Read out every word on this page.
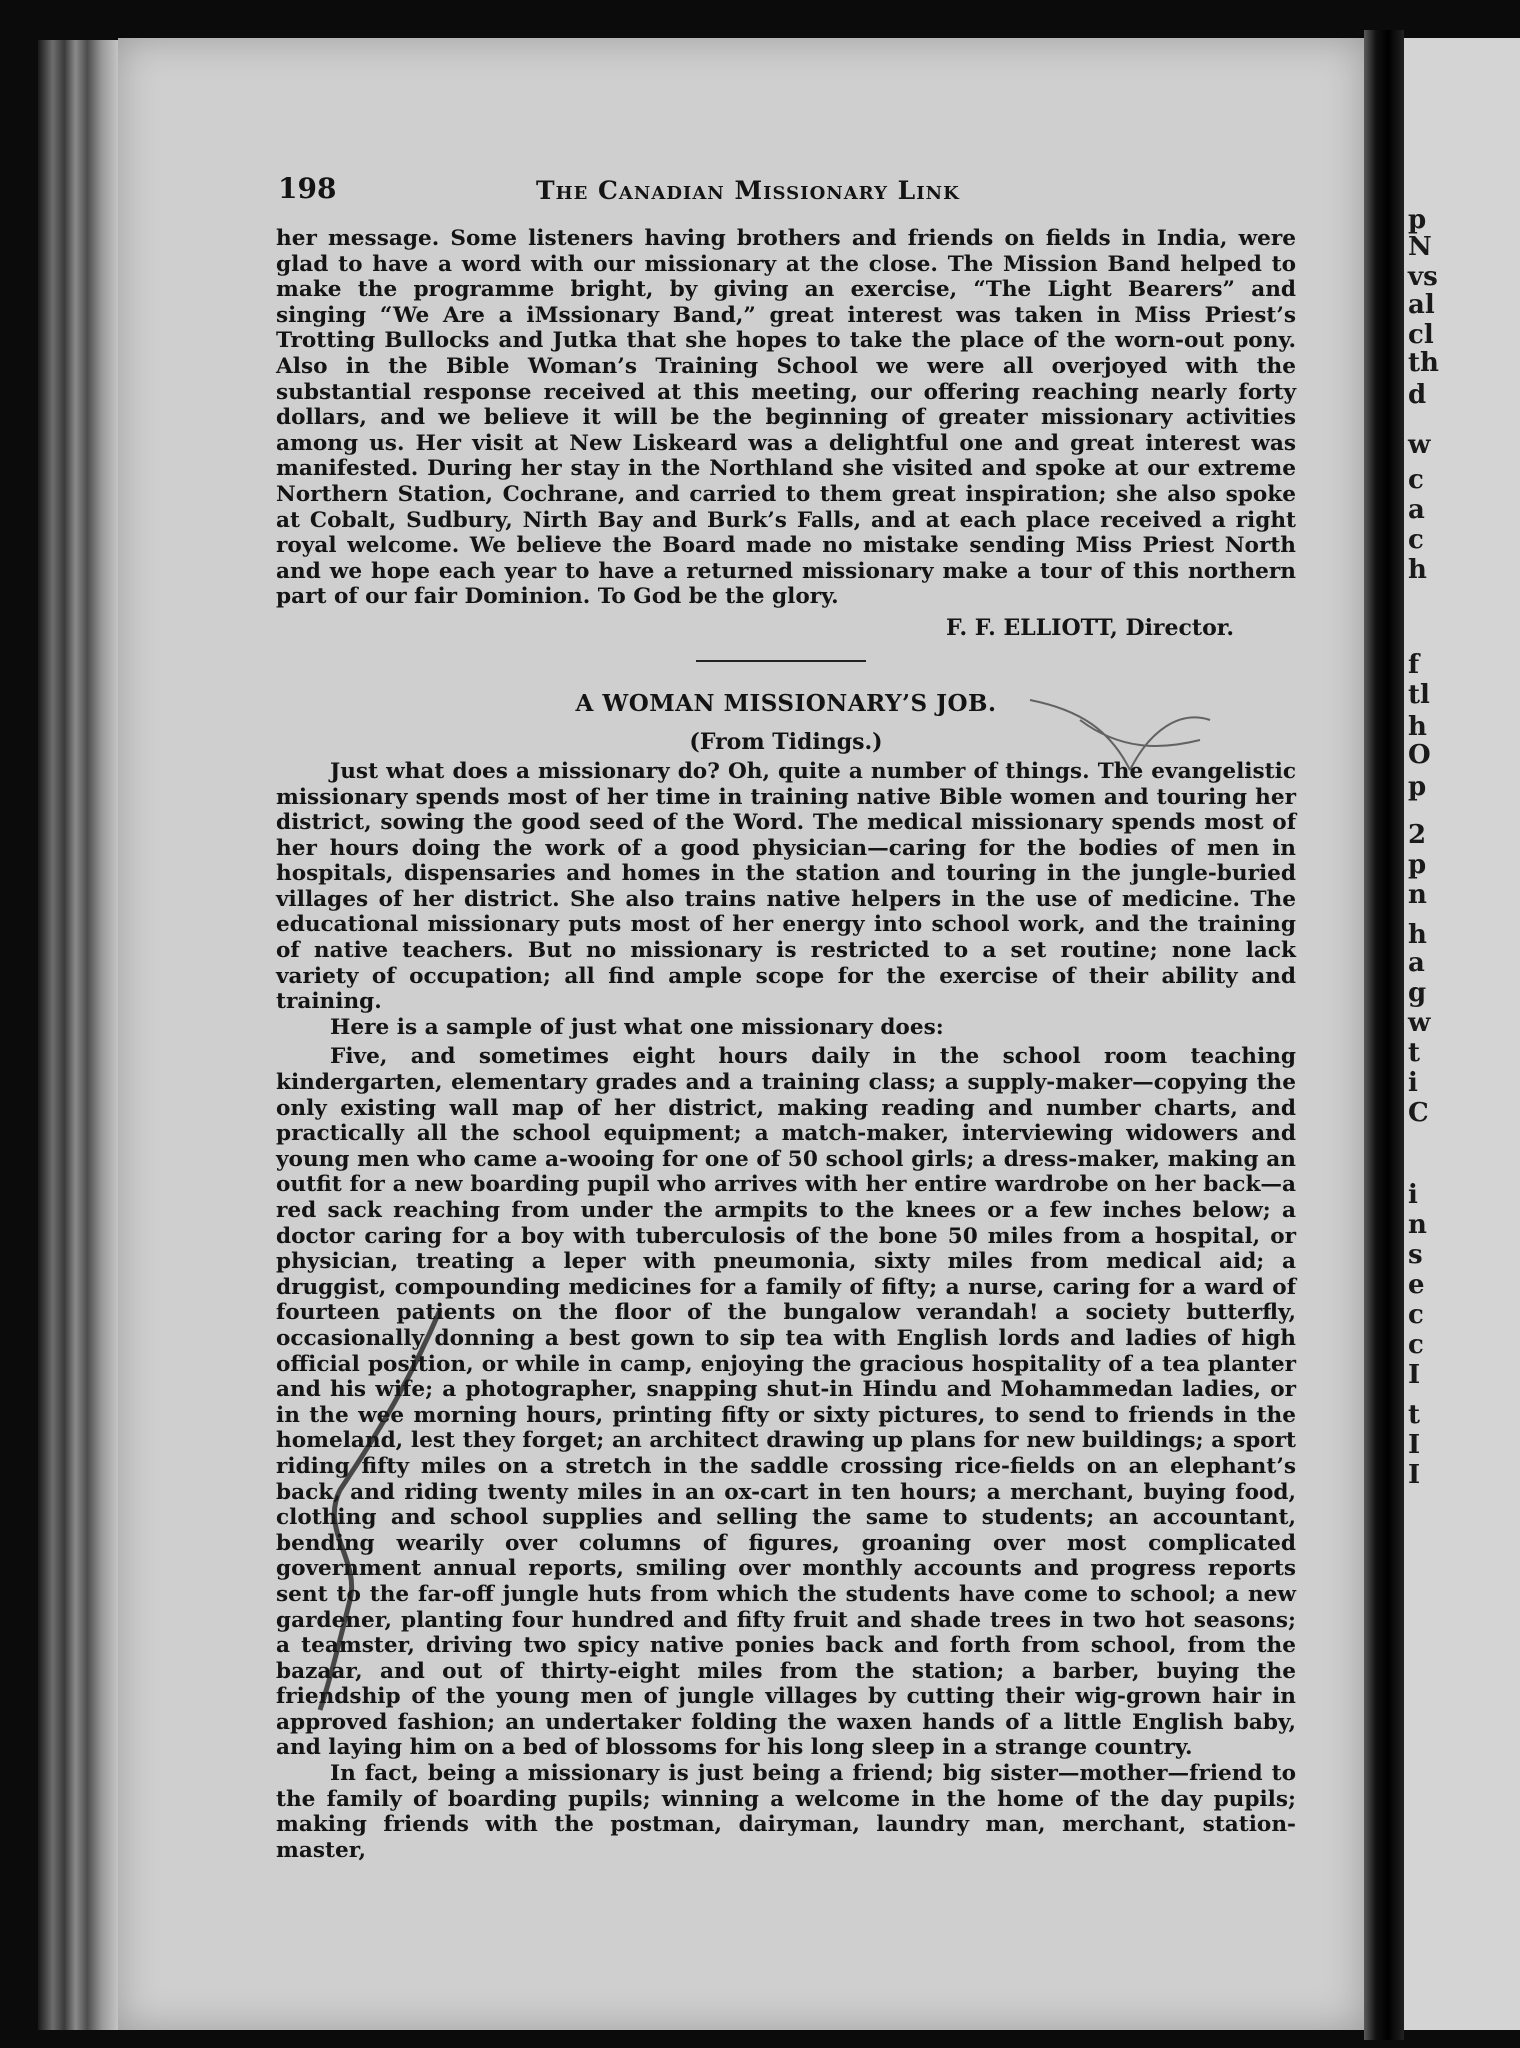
p
N
vs
al
cl
th
d
w
c
a
c
h
f
tl
h
O
p
2
p
n
h
a
g
w
t
i
C
i
n
s
e
c
c
I
t
I
I
198	The Canadian Missionary Link

her message. Some listeners having brothers and friends on fields in India, were glad to have a word with our missionary at the close. The Mission Band helped to make the programme bright, by giving an exercise, “The Light Bearers” and singing “We Are a iMssionary Band,” great interest was taken in Miss Priest’s Trotting Bullocks and Jutka that she hopes to take the place of the worn-out pony. Also in the Bible Woman’s Training School we were all overjoyed with the substantial response received at this meeting, our offering reaching nearly forty dollars, and we believe it will be the beginning of greater missionary activities among us. Her visit at New Liskeard was a delightful one and great interest was manifested. During her stay in the Northland she visited and spoke at our extreme Northern Station, Cochrane, and carried to them great inspiration; she also spoke at Cobalt, Sudbury, Nirth Bay and Burk’s Falls, and at each place received a right royal welcome. We believe the Board made no mistake sending Miss Priest North and we hope each year to have a returned missionary make a tour of this northern part of our fair Dominion. To God be the glory.

F. F. ELLIOTT, Director.
A WOMAN MISSIONARY’S JOB.
(From Tidings.)

Just what does a missionary do? Oh, quite a number of things. The evangelistic missionary spends most of her time in training native Bible women and touring her district, sowing the good seed of the Word. The medical missionary spends most of her hours doing the work of a good physician—caring for the bodies of men in hospitals, dispensaries and homes in the station and touring in the jungle-buried villages of her district. She also trains native helpers in the use of medicine. The educational missionary puts most of her energy into school work, and the training of native teachers. But no missionary is restricted to a set routine; none lack variety of occupation; all find ample scope for the exercise of their ability and training.

Here is a sample of just what one missionary does:

Five, and sometimes eight hours daily in the school room teaching kindergarten, elementary grades and a training class; a supply-maker—copying the only existing wall map of her district, making reading and number charts, and practically all the school equipment; a match-maker, interviewing widowers and young men who came a-wooing for one of 50 school girls; a dress-maker, making an outfit for a new boarding pupil who arrives with her entire wardrobe on her back—a red sack reaching from under the armpits to the knees or a few inches below; a doctor caring for a boy with tuberculosis of the bone 50 miles from a hospital, or physician, treating a leper with pneumonia, sixty miles from medical aid; a druggist, compounding medicines for a family of fifty; a nurse, caring for a ward of fourteen patients on the floor of the bungalow verandah! a society butterfly, occasionally donning a best gown to sip tea with English lords and ladies of high official position, or while in camp, enjoying the gracious hospitality of a tea planter and his wife; a photographer, snapping shut-in Hindu and Mohammedan ladies, or in the wee morning hours, printing fifty or sixty pictures, to send to friends in the homeland, lest they forget; an architect drawing up plans for new buildings; a sport riding fifty miles on a stretch in the saddle crossing rice-fields on an elephant’s back, and riding twenty miles in an ox-cart in ten hours; a merchant, buying food, clothing and school supplies and selling the same to students; an accountant, bending wearily over columns of figures, groaning over most complicated government annual reports, smiling over monthly accounts and progress reports sent to the far-off jungle huts from which the students have come to school; a new gardener, planting four hundred and fifty fruit and shade trees in two hot seasons; a teamster, driving two spicy native ponies back and forth from school, from the bazaar, and out of thirty-eight miles from the station; a barber, buying the friendship of the young men of jungle villages by cutting their wig-grown hair in approved fashion; an undertaker folding the waxen hands of a little English baby, and laying him on a bed of blossoms for his long sleep in a strange country.

In fact, being a missionary is just being a friend; big sister—mother—friend to the family of boarding pupils; winning a welcome in the home of the day pupils; making friends with the postman, dairyman, laundry man, merchant, station-master,
